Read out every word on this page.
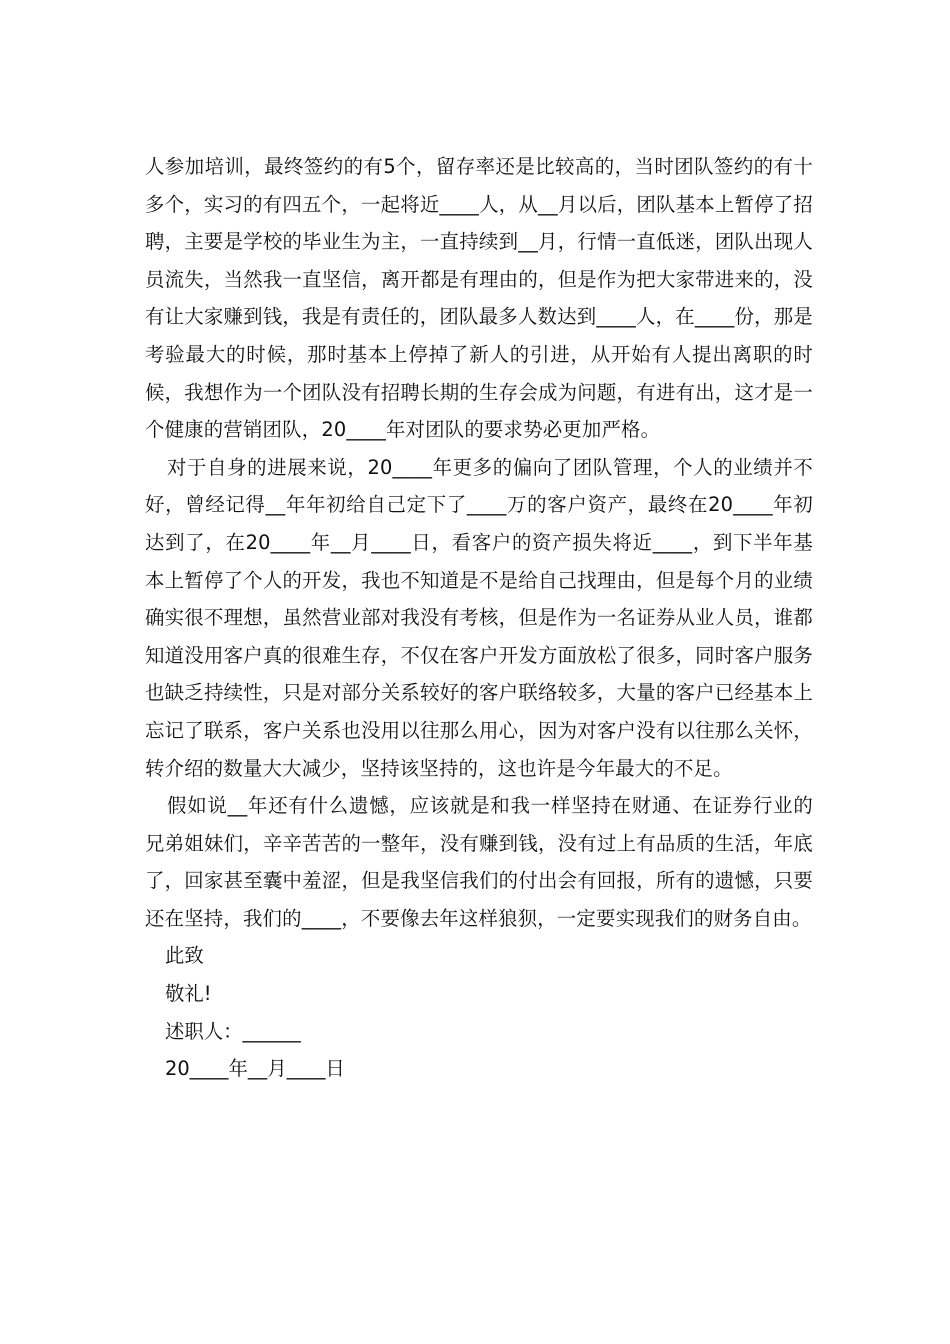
人参加培训，最终签约的有5个，留存率还是比较高的，当时团队签约的有十多个，实习的有四五个，一起将近____人，从__月以后，团队基本上暂停了招聘，主要是学校的毕业生为主，一直持续到__月，行情一直低迷，团队出现人员流失，当然我一直坚信，离开都是有理由的，但是作为把大家带进来的，没有让大家赚到钱，我是有责任的，团队最多人数达到____人，在____份，那是考验最大的时候，那时基本上停掉了新人的引进，从开始有人提出离职的时候，我想作为一个团队没有招聘长期的生存会成为问题，有进有出，这才是一个健康的营销团队，20____年对团队的要求势必更加严格。

对于自身的进展来说，20____年更多的偏向了团队管理，个人的业绩并不好，曾经记得__年年初给自己定下了____万的客户资产，最终在20____年初达到了，在20____年__月____日，看客户的资产损失将近____，到下半年基本上暂停了个人的开发，我也不知道是不是给自己找理由，但是每个月的业绩确实很不理想，虽然营业部对我没有考核，但是作为一名证券从业人员，谁都知道没用客户真的很难生存，不仅在客户开发方面放松了很多，同时客户服务也缺乏持续性，只是对部分关系较好的客户联络较多，大量的客户已经基本上忘记了联系，客户关系也没用以往那么用心，因为对客户没有以往那么关怀，转介绍的数量大大减少，坚持该坚持的，这也许是今年最大的不足。

假如说__年还有什么遗憾，应该就是和我一样坚持在财通、在证券行业的兄弟姐妹们，辛辛苦苦的一整年，没有赚到钱，没有过上有品质的生活，年底了，回家甚至囊中羞涩，但是我坚信我们的付出会有回报，所有的遗憾，只要还在坚持，我们的____，不要像去年这样狼狈，一定要实现我们的财务自由。

此致

敬礼!

述职人：______

20____年__月____日
